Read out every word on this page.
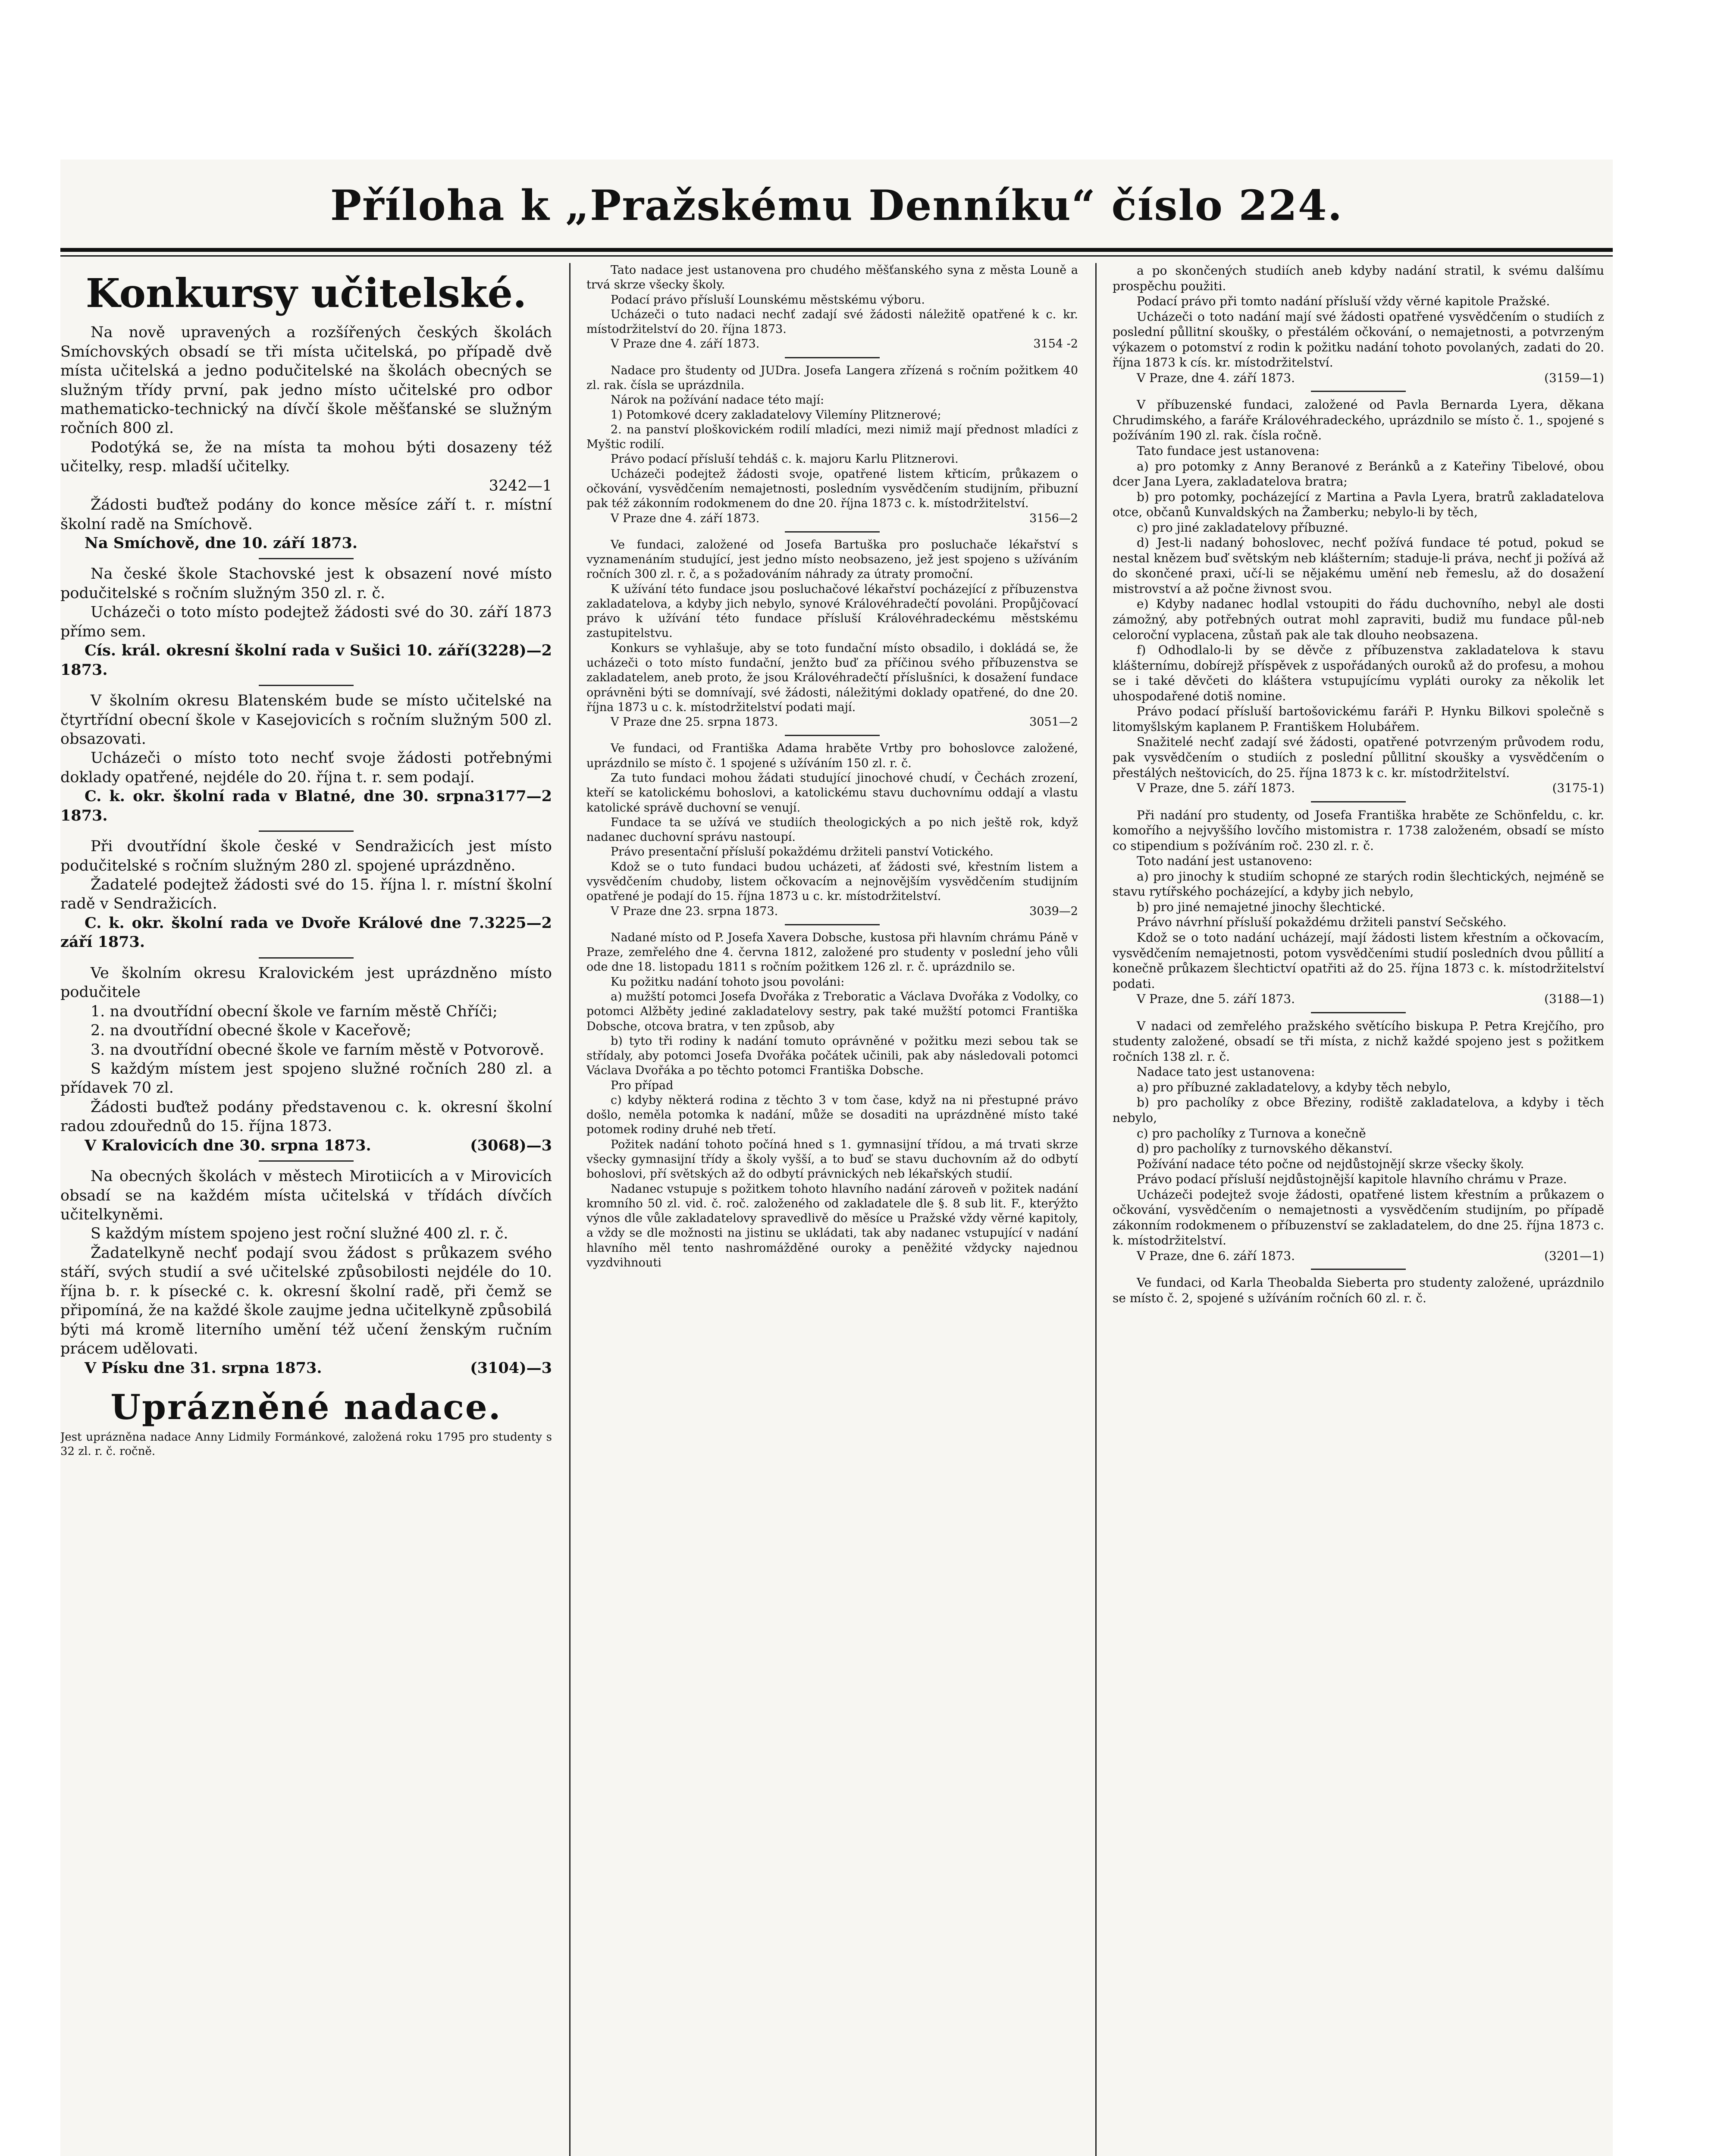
Příloha k „Pražskému Denníku“ číslo 224.
Konkursy učitelské.

Na nově upravených a rozšířených českých školách Smíchovských obsadí se tři místa učitelská, po případě dvě místa učitelská a jedno podučitelské na školách obecných se služným třídy první, pak jedno místo učitelské pro odbor mathematicko-technický na dívčí škole měšťanské se služným ročních 800 zl.

Podotýká se, že na místa ta mohou býti dosazeny též učitelky, resp. mladší učitelky.

3242—1

Žádosti buďtež podány do konce měsíce září t. r. místní školní radě na Smíchově.

Na Smíchově, dne 10. září 1873.

Na české škole Stachovské jest k obsazení nové místo podučitelské s ročním služným 350 zl. r. č.

Ucházeči o toto místo podejtež žádosti své do 30. září 1873 přímo sem.

(3228)—2
Cís. král. okresní školní rada v Sušici 10. září 1873.

V školním okresu Blatenském bude se místo učitelské na čtyrtřídní obecní škole v Kasejovicích s ročním služným 500 zl. obsazovati.

Ucházeči o místo toto nechť svoje žádosti potřebnými doklady opatřené, nejdéle do 20. října t. r. sem podají.

3177—2
C. k. okr. školní rada v Blatné, dne 30. srpna 1873.

Při dvoutřídní škole české v Sendražicích jest místo podučitelské s ročním služným 280 zl. spojené uprázdněno.

Žadatelé podejtež žádosti své do 15. října l. r. místní školní radě v Sendražicích.

3225—2
C. k. okr. školní rada ve Dvoře Králové dne 7. září 1873.

Ve školním okresu Kralovickém jest uprázdněno místo podučitele

1. na dvoutřídní obecní škole ve farním městě Chříči;

2. na dvoutřídní obecné škole v Kaceřově;

3. na dvoutřídní obecné škole ve farním městě v Potvorově.

S každým místem jest spojeno služné ročních 280 zl. a přídavek 70 zl.

Žádosti buďtež podány představenou c. k. okresní školní radou zdouřednů do 15. října 1873.

(3068)—3
V Kralovicích dne 30. srpna 1873.

Na obecných školách v městech Mirotiicích a v Mirovicích obsadí se na každém místa učitelská v třídách dívčích učitelkyněmi.

S každým místem spojeno jest roční služné 400 zl. r. č.

Žadatelkyně nechť podají svou žádost s průkazem svého stáří, svých studií a své učitelské způsobilosti nejdéle do 10. října b. r. k písecké c. k. okresní školní radě, při čemž se připomíná, že na každé škole zaujme jedna učitelkyně způsobilá býti má kromě literního umění též učení ženským ručním prácem udělovati.

(3104)—3
V Písku dne 31. srpna 1873.

Uprázněné nadace.

Jest uprázněna nadace Anny Lidmily Formánkové, založená roku 1795 pro studenty s 32 zl. r. č. ročně.

Tato nadace jest ustanovena pro chudého měšťanského syna z města Louně a trvá skrze všecky školy.

Podací právo přísluší Lounskému městskému výboru.

Ucházeči o tuto nadaci nechť zadají své žádosti náležitě opatřené k c. kr. místodržitelství do 20. října 1873.

3154 -2
V Praze dne 4. září 1873.

Nadace pro študenty od JUDra. Josefa Langera zřízená s ročním požitkem 40 zl. rak. čísla se uprázdnila.

Nárok na požívání nadace této mají:

1) Potomkové dcery zakladatelovy Vilemíny Plitznerové;

2. na panství ploškovickém rodilí mladíci, mezi nimiž mají přednost mladíci z Myštic rodilí.

Právo podací přísluší tehdáš c. k. majoru Karlu Plitznerovi.

Ucházeči podejtež žádosti svoje, opatřené listem křticím, průkazem o očkování, vysvědčením nemajetnosti, posledním vysvědčením studijním, přibuzní pak též zákonním rodokmenem do dne 20. října 1873 c. k. místodržitelství.

3156—2
V Praze dne 4. září 1873.

Ve fundaci, založené od Josefa Bartuška pro posluchače lékařství s vyznamenáním studující, jest jedno místo neobsazeno, jež jest spojeno s užíváním ročních 300 zl. r. č, a s požadováním náhrady za útraty promoční.

K užívání této fundace jsou posluchačové lékařství pocházející z příbuzenstva zakladatelova, a kdyby jich nebylo, synové Královéhradečtí povoláni. Propůjčovací právo k užívání této fundace přísluší Královéhradeckému městskému zastupitelstvu.

Konkurs se vyhlašuje, aby se toto fundační místo obsadilo, i dokládá se, že ucházeči o toto místo fundační, jenžto buď za příčinou svého příbuzenstva se zakladatelem, aneb proto, že jsou Královéhradečtí příslušníci, k dosažení fundace oprávněni býti se domnívají, své žádosti, náležitými doklady opatřené, do dne 20. října 1873 u c. k. místodržitelství podati mají.

3051—2
V Praze dne 25. srpna 1873.

Ve fundaci, od Františka Adama hraběte Vrtby pro bohoslovce založené, uprázdnilo se místo č. 1 spojené s užíváním 150 zl. r. č.

Za tuto fundaci mohou žádati studující jinochové chudí, v Čechách zrození, kteří se katolickému bohoslovi, a katolickému stavu duchovnímu oddají a vlastu katolické správě duchovní se venují.

Fundace ta se užívá ve studiích theologických a po nich ještě rok, když nadanec duchovní správu nastoupí.

Právo presentační přísluší pokaždému držiteli panství Votického.

Kdož se o tuto fundaci budou ucházeti, ať žádosti své, křestním listem a vysvědčením chudoby, listem očkovacím a nejnovějším vysvědčením studijním opatřené je podají do 15. října 1873 u c. kr. místodržitelství.

3039—2
V Praze dne 23. srpna 1873.

Nadané místo od P. Josefa Xavera Dobsche, kustosa při hlavním chrámu Páně v Praze, zemřelého dne 4. června 1812, založené pro studenty v poslední jeho vůli ode dne 18. listopadu 1811 s ročním požitkem 126 zl. r. č. uprázdnilo se.

Ku požitku nadání tohoto jsou povoláni:

a) mužští potomci Josefa Dvořáka z Treboratic a Václava Dvořáka z Vodolky, co potomci Alžběty jediné zakladatelovy sestry, pak také mužští potomci Františka Dobsche, otcova bratra, v ten způsob, aby

b) tyto tři rodiny k nadání tomuto oprávněné v požitku mezi sebou tak se střídaly, aby potomci Josefa Dvořáka počátek učinili, pak aby následovali potomci Václava Dvořáka a po těchto potomci Františka Dobsche.

Pro případ

c) kdyby některá rodina z těchto 3 v tom čase, když na ni přestupné právo došlo, neměla potomka k nadání, může se dosaditi na uprázdněné místo také potomek rodiny druhé neb třetí.

Požitek nadání tohoto počíná hned s 1. gymnasijní třídou, a má trvati skrze všecky gymnasijní třídy a školy vyšší, a to buď se stavu duchovním až do odbytí bohoslovi, pří světských až do odbytí právnických neb lékařských studií.

Nadanec vstupuje s požitkem tohoto hlavního nadání zároveň v požitek nadání kromního 50 zl. vid. č. roč. založeného od zakladatele dle §. 8 sub lit. F., kterýžto výnos dle vůle zakladatelovy spravedlivě do měsíce u Pražské vždy věrné kapitoly, a vždy se dle možnosti na jistinu se ukládati, tak aby nadanec vstupující v nadání hlavního měl tento nashromážděné ouroky a peněžité vždycky najednou vyzdvihnouti

a po skončených studiích aneb kdyby nadání stratil, k svému dalšímu prospěchu použiti.

Podací právo při tomto nadání přísluší vždy věrné kapitole Pražské.

Ucházeči o toto nadání mají své žádosti opatřené vysvědčením o studiích z poslední půllitní skoušky, o přestálém očkování, o nemajetnosti, a potvrzeným výkazem o potomství z rodin k požitku nadání tohoto povolaných, zadati do 20. října 1873 k cís. kr. místodržitelství.

(3159—1)
V Praze, dne 4. září 1873.

V příbuzenské fundaci, založené od Pavla Bernarda Lyera, děkana Chrudimského, a faráře Královéhradeckého, uprázdnilo se místo č. 1., spojené s požíváním 190 zl. rak. čísla ročně.

Tato fundace jest ustanovena:

a) pro potomky z Anny Beranové z Beránků a z Kateřiny Tibelové, obou dcer Jana Lyera, zakladatelova bratra;

b) pro potomky, pocházející z Martina a Pavla Lyera, bratrů zakladatelova otce, občanů Kunvaldských na Žamberku; nebylo-li by těch,

c) pro jiné zakladatelovy příbuzné.

d) Jest-li nadaný bohoslovec, nechť požívá fundace té potud, pokud se nestal knězem buď světským neb klášterním; staduje-li práva, nechť ji požívá až do skončené praxi, učí-li se nějakému umění neb řemeslu, až do dosažení mistrovství a až počne živnost svou.

e) Kdyby nadanec hodlal vstoupiti do řádu duchovního, nebyl ale dosti zámožný, aby potřebných outrat mohl zapraviti, budiž mu fundace půl-neb celoroční vyplacena, zůstaň pak ale tak dlouho neobsazena.

f) Odhodlalo-li by se děvče z příbuzenstva zakladatelova k stavu klášternímu, dobírejž příspěvek z uspořádaných ouroků až do profesu, a mohou se i také děvčeti do kláštera vstupujícímu vypláti ouroky za několik let uhospodařené dotiš nomine.

Právo podací přísluší bartošovickému faráři P. Hynku Bilkovi společně s litomyšlským kaplanem P. Františkem Holubářem.

Snažitelé nechť zadají své žádosti, opatřené potvrzeným průvodem rodu, pak vysvědčením o studiích z poslední půllitní skoušky a vysvědčením o přestálých neštovicích, do 25. října 1873 k c. kr. místodržitelství.

(3175-1)
V Praze, dne 5. září 1873.

Při nadání pro studenty, od Josefa Františka hraběte ze Schönfeldu, c. kr. komořího a nejvyššího lovčího mistomistra r. 1738 založeném, obsadí se místo co stipendium s požíváním roč. 230 zl. r. č.

Toto nadání jest ustanoveno:

a) pro jinochy k studiím schopné ze starých rodin šlechtických, nejméně se stavu rytířského pocházející, a kdyby jich nebylo,

b) pro jiné nemajetné jinochy šlechtické.

Právo návrhní přísluší pokaždému držiteli panství Sečského.

Kdož se o toto nadání ucházejí, mají žádosti listem křestním a očkovacím, vysvědčením nemajetnosti, potom vysvědčeními studií posledních dvou půllití a konečně průkazem šlechtictví opatřiti až do 25. října 1873 c. k. místodržitelství podati.

(3188—1)
V Praze, dne 5. září 1873.

V nadaci od zemřelého pražského světícího biskupa P. Petra Krejčího, pro studenty založené, obsadí se tři místa, z nichž každé spojeno jest s požitkem ročních 138 zl. r. č.

Nadace tato jest ustanovena:

a) pro příbuzné zakladatelovy, a kdyby těch nebylo,

b) pro pacholíky z obce Březiny, rodiště zakladatelova, a kdyby i těch nebylo,

c) pro pacholíky z Turnova a konečně

d) pro pacholíky z turnovského děkanství.

Požívání nadace této počne od nejdůstojnějí skrze všecky školy.

Právo podací přísluší nejdůstojnější kapitole hlavního chrámu v Praze.

Ucházeči podejtež svoje žádosti, opatřené listem křestním a průkazem o očkování, vysvědčením o nemajetnosti a vysvědčením studijním, po případě zákonním rodokmenem o příbuzenství se zakladatelem, do dne 25. října 1873 c. k. místodržitelství.

(3201—1)
V Praze, dne 6. září 1873.

Ve fundaci, od Karla Theobalda Sieberta pro studenty založené, uprázdnilo se místo č. 2, spojené s užíváním ročních 60 zl. r. č.
